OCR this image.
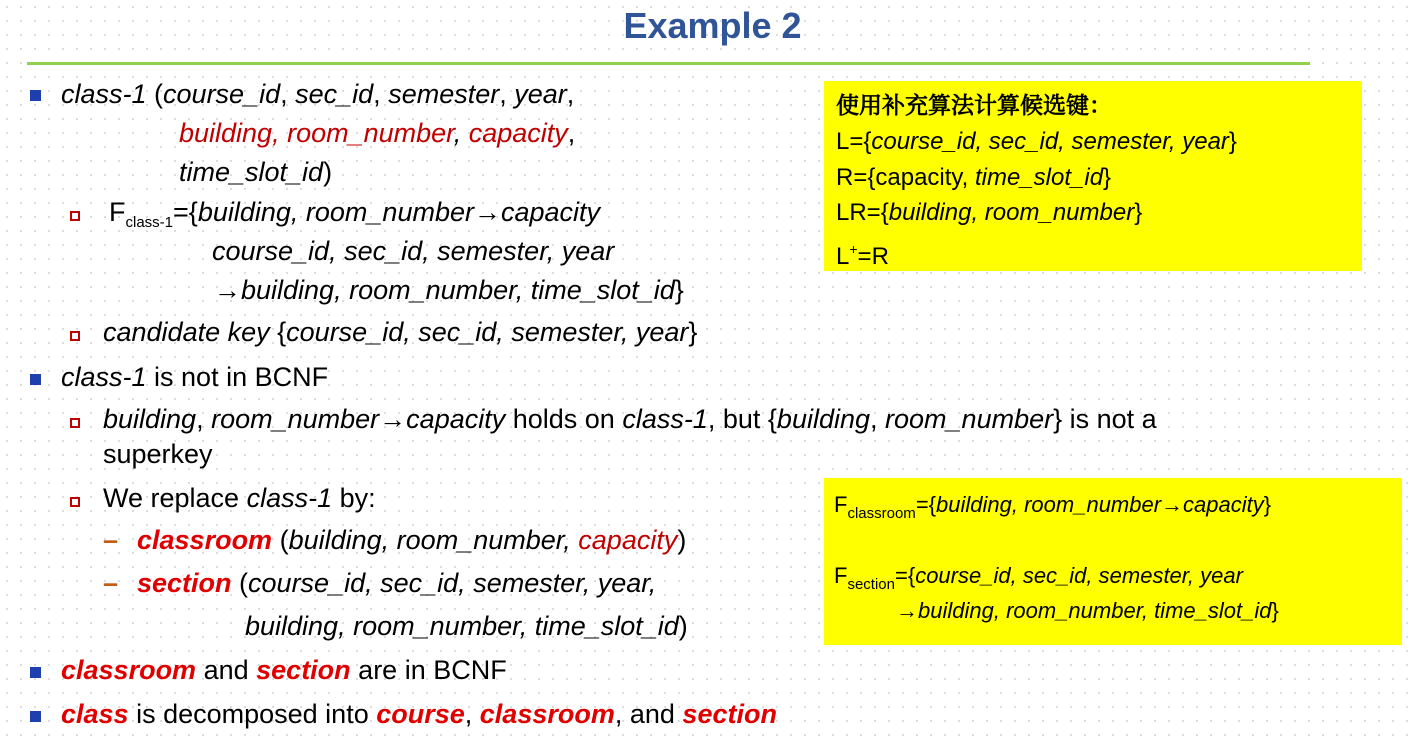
Example 2
class-1 (course_id, sec_id, semester, year,
building, room_number, capacity,
time_slot_id)
$F_{class-1}=\{building$, room_number→capacity
course_id, sec_id, semester, year
→building, room_number, time_slot_id}
candidate key {course_id, sec_id, semester, year}
class-1 is not in BCNF
building, room_number→capacity holds on class-1, but {building, room_number} is not a
superkey
We replace class-1 by:
– classroom (building, room_number, capacity)
– section (course_id, sec_id, semester, year,
building, room_number, time_slot_id)
classroom and section are in BCNF
class is decomposed into course, classroom, and section
使用补充算法计算候选键：
L={course_id, sec_id, semester, year}
R={capacity, time_slot_id}
LR={building, room_number}
L+=R
$F_{classroom}=\{building$, room_number→capacity}
$F_{section}=\{course\_id$, sec_id, semester, year
→building, room_number, time_slot_id}
